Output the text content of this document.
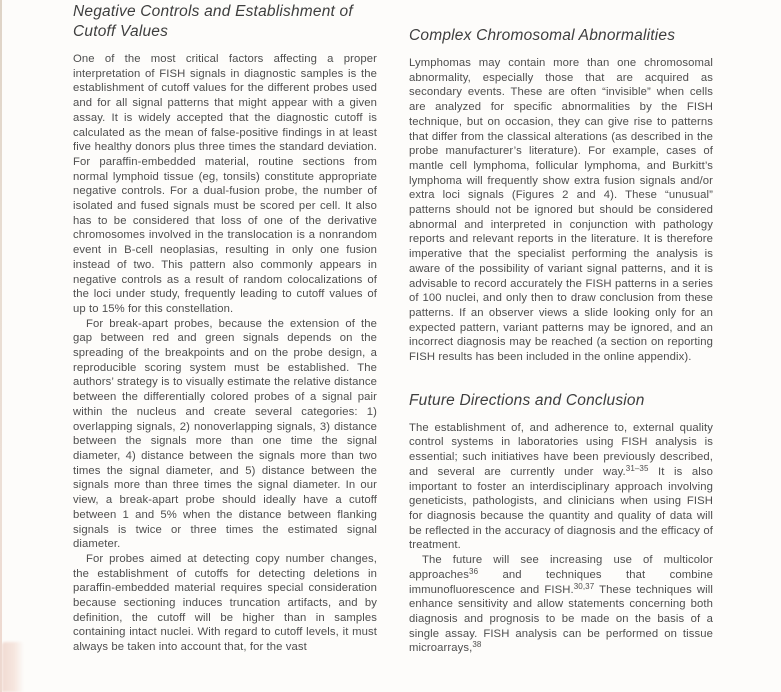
Negative Controls and Establishment of Cutoff Values

One of the most critical factors affecting a proper interpretation of FISH signals in diagnostic samples is the establishment of cutoff values for the different probes used and for all signal patterns that might appear with a given assay. It is widely accepted that the diagnostic cutoff is calculated as the mean of false-positive findings in at least five healthy donors plus three times the standard deviation. For paraffin-embedded material, routine sections from normal lymphoid tissue (eg, tonsils) constitute appropriate negative controls. For a dual-fusion probe, the number of isolated and fused signals must be scored per cell. It also has to be considered that loss of one of the derivative chromosomes involved in the translocation is a nonrandom event in B-cell neoplasias, resulting in only one fusion instead of two. This pattern also commonly appears in negative controls as a result of random colocalizations of the loci under study, frequently leading to cutoff values of up to 15% for this constellation.

For break-apart probes, because the extension of the gap between red and green signals depends on the spreading of the breakpoints and on the probe design, a reproducible scoring system must be established. The authors’ strategy is to visually estimate the relative distance between the differentially colored probes of a signal pair within the nucleus and create several categories: 1) overlapping signals, 2) nonoverlapping signals, 3) distance between the signals more than one time the signal diameter, 4) distance between the signals more than two times the signal diameter, and 5) distance between the signals more than three times the signal diameter. In our view, a break-apart probe should ideally have a cutoff between 1 and 5% when the distance between flanking signals is twice or three times the estimated signal diameter.

For probes aimed at detecting copy number changes, the establishment of cutoffs for detecting deletions in paraffin-embedded material requires special consideration because sectioning induces truncation artifacts, and by definition, the cutoff will be higher than in samples containing intact nuclei. With regard to cutoff levels, it must always be taken into account that, for the vast

Complex Chromosomal Abnormalities

Lymphomas may contain more than one chromosomal abnormality, especially those that are acquired as secondary events. These are often “invisible” when cells are analyzed for specific abnormalities by the FISH technique, but on occasion, they can give rise to patterns that differ from the classical alterations (as described in the probe manufacturer’s literature). For example, cases of mantle cell lymphoma, follicular lymphoma, and Burkitt’s lymphoma will frequently show extra fusion signals and/or extra loci signals (Figures 2 and 4). These “unusual” patterns should not be ignored but should be considered abnormal and interpreted in conjunction with pathology reports and relevant reports in the literature. It is therefore imperative that the specialist performing the analysis is aware of the possibility of variant signal patterns, and it is advisable to record accurately the FISH patterns in a series of 100 nuclei, and only then to draw conclusion from these patterns. If an observer views a slide looking only for an expected pattern, variant patterns may be ignored, and an incorrect diagnosis may be reached (a section on reporting FISH results has been included in the online appendix).

Future Directions and Conclusion

The establishment of, and adherence to, external quality control systems in laboratories using FISH analysis is essential; such initiatives have been previously described, and several are currently under way.$^{31-35}$ It is also important to foster an interdisciplinary approach involving geneticists, pathologists, and clinicians when using FISH for diagnosis because the quantity and quality of data will be reflected in the accuracy of diagnosis and the efficacy of treatment.

The future will see increasing use of multicolor approaches$^{36}$ and techniques that combine immunofluorescence and FISH.$^{30,37}$ These techniques will enhance sensitivity and allow statements concerning both diagnosis and prognosis to be made on the basis of a single assay. FISH analysis can be performed on tissue microarrays,$^{38}$
